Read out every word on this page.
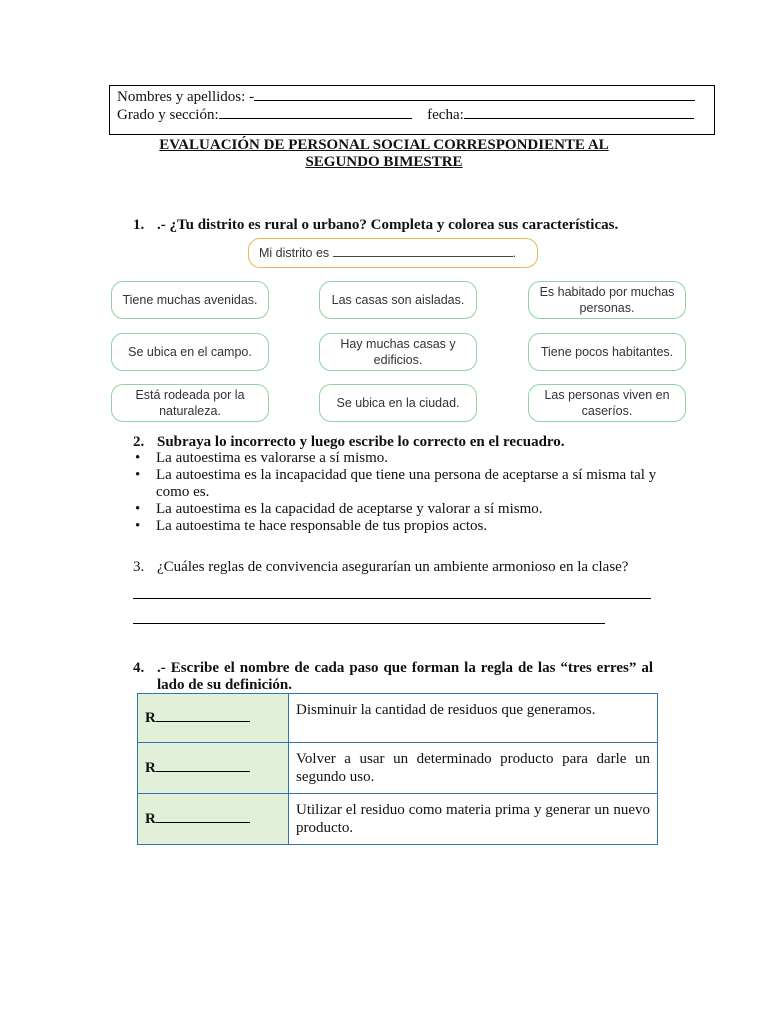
Nombres y apellidos: -
Grado y sección:	fecha:
EVALUACIÓN DE PERSONAL SOCIAL CORRESPONDIENTE AL
SEGUNDO BIMESTRE
1. .- ¿Tu distrito es rural o urbano? Completa y colorea sus características.
Mi distrito es	.
Tiene muchas avenidas.	Las casas son aisladas.
Es habitado por muchas personas.
Se ubica en el campo.
Hay muchas casas y edificios.
Tiene pocos habitantes.
Está rodeada por la naturaleza.
Se ubica en la ciudad.
Las personas viven en caseríos.
2. Subraya lo incorrecto y luego escribe lo correcto en el recuadro.
• La autoestima es valorarse a sí mismo.
• La autoestima es la incapacidad que tiene una persona de aceptarse a sí misma tal y como es.
• La autoestima es la capacidad de aceptarse y valorar a sí mismo.
• La autoestima te hace responsable de tus propios actos.
3. ¿Cuáles reglas de convivencia asegurarían un ambiente armonioso en la clase?
4. .- Escribe el nombre de cada paso que forman la regla de las “tres erres” al lado de su definición.
R	Disminuir la cantidad de residuos que generamos.
R	Volver a usar un determinado producto para darle un segundo uso.
R	Utilizar el residuo como materia prima y generar un nuevo producto.
